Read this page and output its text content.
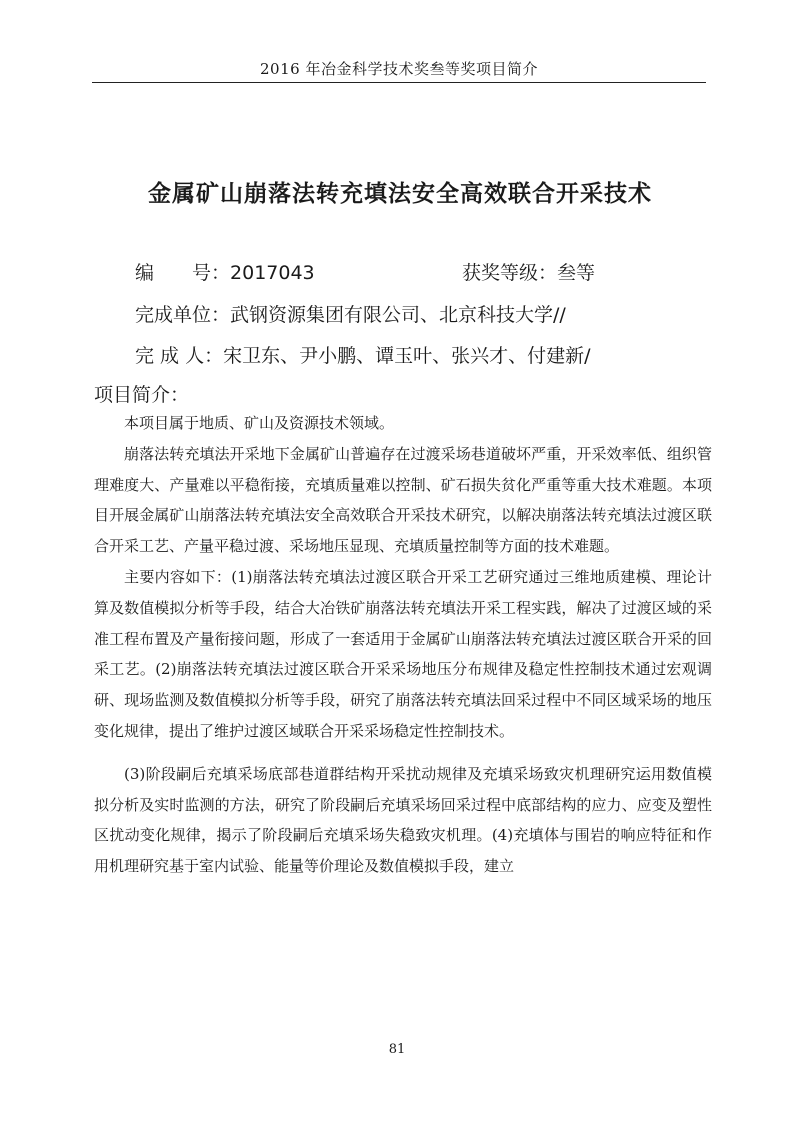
2016 年冶金科学技术奖叁等奖项目简介
金属矿山崩落法转充填法安全高效联合开采技术
编　　号：2017043	获奖等级：叁等
完成单位：武钢资源集团有限公司、北京科技大学//
完 成 人：宋卫东、尹小鹏、谭玉叶、张兴才、付建新/
项目简介：

本项目属于地质、矿山及资源技术领域。

崩落法转充填法开采地下金属矿山普遍存在过渡采场巷道破坏严重，开采效率低、组织管理难度大、产量难以平稳衔接，充填质量难以控制、矿石损失贫化严重等重大技术难题。本项目开展金属矿山崩落法转充填法安全高效联合开采技术研究，以解决崩落法转充填法过渡区联合开采工艺、产量平稳过渡、采场地压显现、充填质量控制等方面的技术难题。

主要内容如下：(1)崩落法转充填法过渡区联合开采工艺研究通过三维地质建模、理论计算及数值模拟分析等手段，结合大冶铁矿崩落法转充填法开采工程实践，解决了过渡区域的采准工程布置及产量衔接问题，形成了一套适用于金属矿山崩落法转充填法过渡区联合开采的回采工艺。(2)崩落法转充填法过渡区联合开采采场地压分布规律及稳定性控制技术通过宏观调研、现场监测及数值模拟分析等手段，研究了崩落法转充填法回采过程中不同区域采场的地压变化规律，提出了维护过渡区域联合开采采场稳定性控制技术。

(3)阶段嗣后充填采场底部巷道群结构开采扰动规律及充填采场致灾机理研究运用数值模拟分析及实时监测的方法，研究了阶段嗣后充填采场回采过程中底部结构的应力、应变及塑性区扰动变化规律，揭示了阶段嗣后充填采场失稳致灾机理。(4)充填体与围岩的响应特征和作用机理研究基于室内试验、能量等价理论及数值模拟手段，建立

81
